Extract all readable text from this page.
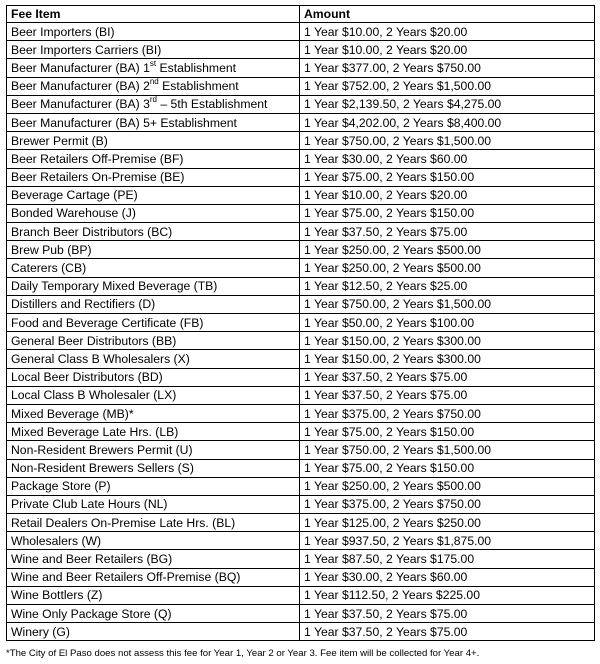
Fee Item	Amount
Beer Importers (BI)	1 Year $10.00, 2 Years $20.00
Beer Importers Carriers (BI)	1 Year $10.00, 2 Years $20.00
Beer Manufacturer (BA) 1st Establishment	1 Year $377.00, 2 Years $750.00
Beer Manufacturer (BA) 2nd Establishment	1 Year $752.00, 2 Years $1,500.00
Beer Manufacturer (BA) 3rd – 5th Establishment	1 Year $2,139.50, 2 Years $4,275.00
Beer Manufacturer (BA) 5+ Establishment	1 Year $4,202.00, 2 Years $8,400.00
Brewer Permit (B)	1 Year $750.00, 2 Years $1,500.00
Beer Retailers Off-Premise (BF)	1 Year $30.00, 2 Years $60.00
Beer Retailers On-Premise (BE)	1 Year $75.00, 2 Years $150.00
Beverage Cartage (PE)	1 Year $10.00, 2 Years $20.00
Bonded Warehouse (J)	1 Year $75.00, 2 Years $150.00
Branch Beer Distributors (BC)	1 Year $37.50, 2 Years $75.00
Brew Pub (BP)	1 Year $250.00, 2 Years $500.00
Caterers (CB)	1 Year $250.00, 2 Years $500.00
Daily Temporary Mixed Beverage (TB)	1 Year $12.50, 2 Years $25.00
Distillers and Rectifiers (D)	1 Year $750.00, 2 Years $1,500.00
Food and Beverage Certificate (FB)	1 Year $50.00, 2 Years $100.00
General Beer Distributors (BB)	1 Year $150.00, 2 Years $300.00
General Class B Wholesalers (X)	1 Year $150.00, 2 Years $300.00
Local Beer Distributors (BD)	1 Year $37.50, 2 Years $75.00
Local Class B Wholesaler (LX)	1 Year $37.50, 2 Years $75.00
Mixed Beverage (MB)*	1 Year $375.00, 2 Years $750.00
Mixed Beverage Late Hrs. (LB)	1 Year $75.00, 2 Years $150.00
Non-Resident Brewers Permit (U)	1 Year $750.00, 2 Years $1,500.00
Non-Resident Brewers Sellers (S)	1 Year $75.00, 2 Years $150.00
Package Store (P)	1 Year $250.00, 2 Years $500.00
Private Club Late Hours (NL)	1 Year $375.00, 2 Years $750.00
Retail Dealers On-Premise Late Hrs. (BL)	1 Year $125.00, 2 Years $250.00
Wholesalers (W)	1 Year $937.50, 2 Years $1,875.00
Wine and Beer Retailers (BG)	1 Year $87.50, 2 Years $175.00
Wine and Beer Retailers Off-Premise (BQ)	1 Year $30.00, 2 Years $60.00
Wine Bottlers (Z)	1 Year $112.50, 2 Years $225.00
Wine Only Package Store (Q)	1 Year $37.50, 2 Years $75.00
Winery (G)	1 Year $37.50, 2 Years $75.00
*The City of El Paso does not assess this fee for Year 1, Year 2 or Year 3. Fee item will be collected for Year 4+.
